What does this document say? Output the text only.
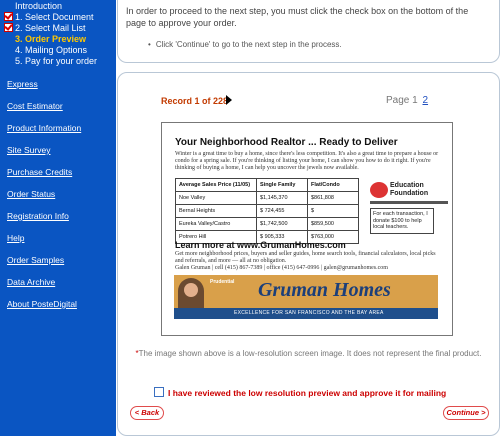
Introduction
1. Select Document
2. Select Mail List
3. Order Preview
4. Mailing Options
5. Pay for your order
Express
Cost Estimator
Product Information
Site Survey
Purchase Credits
Order Status
Registration Info
Help
Order Samples
Data Archive
About PosteDigital
In order to proceed to the next step, you must click the check box on the bottom of the page to approve your order.
• Click 'Continue' to go to the next step in the process.
Record 1 of 228	Page 1 2
Your Neighborhood Realtor ... Ready to Deliver
Winter is a great time to buy a home, since there's less competition. It's also a great time to prepare a house or condo for a spring sale. If you're thinking of listing your home, I can show you how to do it right. If you're thinking of buying a home, I can help you uncover the jewels now available.
Average Sales Price (11/05)	Single Family	Flat/Condo
Noe Valley	$1,145,370	$861,808
Bernal Heights	$ 724,455	$
Eureka Valley/Castro	$1,742,500	$859,500
Potrero Hill	$ 905,333	$763,000
Education
Foundation
For each transaction, I donate $100 to help local teachers.
Learn more at www.GrumanHomes.com
Get more neighborhood prices, buyers and seller guides, home search tools, financial calculators, local picks and referrals, and more — all at no obligation.
Galen Gruman | cell (415) 867-7389 | office (415) 647-0996 | galen@grumanhomes.com
Prudential Gruman Homes
EXCELLENCE FOR SAN FRANCISCO AND THE BAY AREA
*The image shown above is a low-resolution screen image. It does not represent the final product.
I have reviewed the low resolution preview and approve it for mailing
< Back	Continue >
